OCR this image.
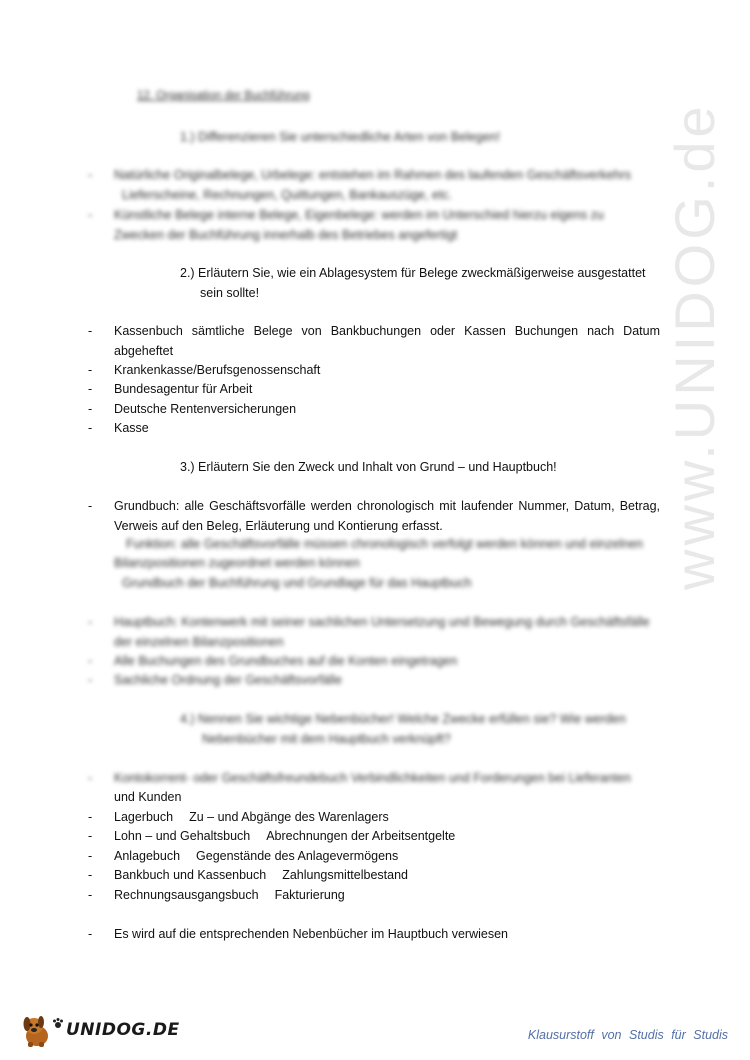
www.UNIDOG.de
12. Organisation der Buchführung
1.) Differenzieren Sie unterschiedliche Arten von Belegen!
- Natürliche Originalbelege, Urbelege: entstehen im Rahmen des laufenden Geschäftsverkehrs
Lieferscheine, Rechnungen, Quittungen, Bankauszüge, etc.
- Künstliche Belege interne Belege, Eigenbelege: werden im Unterschied hierzu eigens zu
Zwecken der Buchführung innerhalb des Betriebes angefertigt
2.) Erläutern Sie, wie ein Ablagesystem für Belege zweckmäßigerweise ausgestattet
sein sollte!
- Kassenbuch sämtliche Belege von Bankbuchungen oder Kassen Buchungen nach Datum
abgeheftet
- Krankenkasse/Berufsgenossenschaft
- Bundesagentur für Arbeit
- Deutsche Rentenversicherungen
- Kasse
3.) Erläutern Sie den Zweck und Inhalt von Grund – und Hauptbuch!
- Grundbuch: alle Geschäftsvorfälle werden chronologisch mit laufender Nummer, Datum, Betrag,
Verweis auf den Beleg, Erläuterung und Kontierung erfasst.
Funktion: alle Geschäftsvorfälle müssen chronologisch verfolgt werden können und einzelnen
Bilanzpositionen zugeordnet werden können
Grundbuch der Buchführung und Grundlage für das Hauptbuch
- Hauptbuch: Kontenwerk mit seiner sachlichen Untersetzung und Bewegung durch Geschäftsfälle
der einzelnen Bilanzpositionen
- Alle Buchungen des Grundbuches auf die Konten eingetragen
- Sachliche Ordnung der Geschäftsvorfälle
4.) Nennen Sie wichtige Nebenbücher! Welche Zwecke erfüllen sie? Wie werden
Nebenbücher mit dem Hauptbuch verknüpft?
- Kontokorrent- oder Geschäftsfreundebuch Verbindlichkeiten und Forderungen bei Lieferanten
und Kunden
- Lagerbuch Zu – und Abgänge des Warenlagers
- Lohn – und Gehaltsbuch Abrechnungen der Arbeitsentgelte
- Anlagebuch Gegenstände des Anlagevermögens
- Bankbuch und Kassenbuch Zahlungsmittelbestand
- Rechnungsausgangsbuch Fakturierung
- Es wird auf die entsprechenden Nebenbücher im Hauptbuch verwiesen
UNIDOG.DE	Klausurstoff von Studis für Studis
